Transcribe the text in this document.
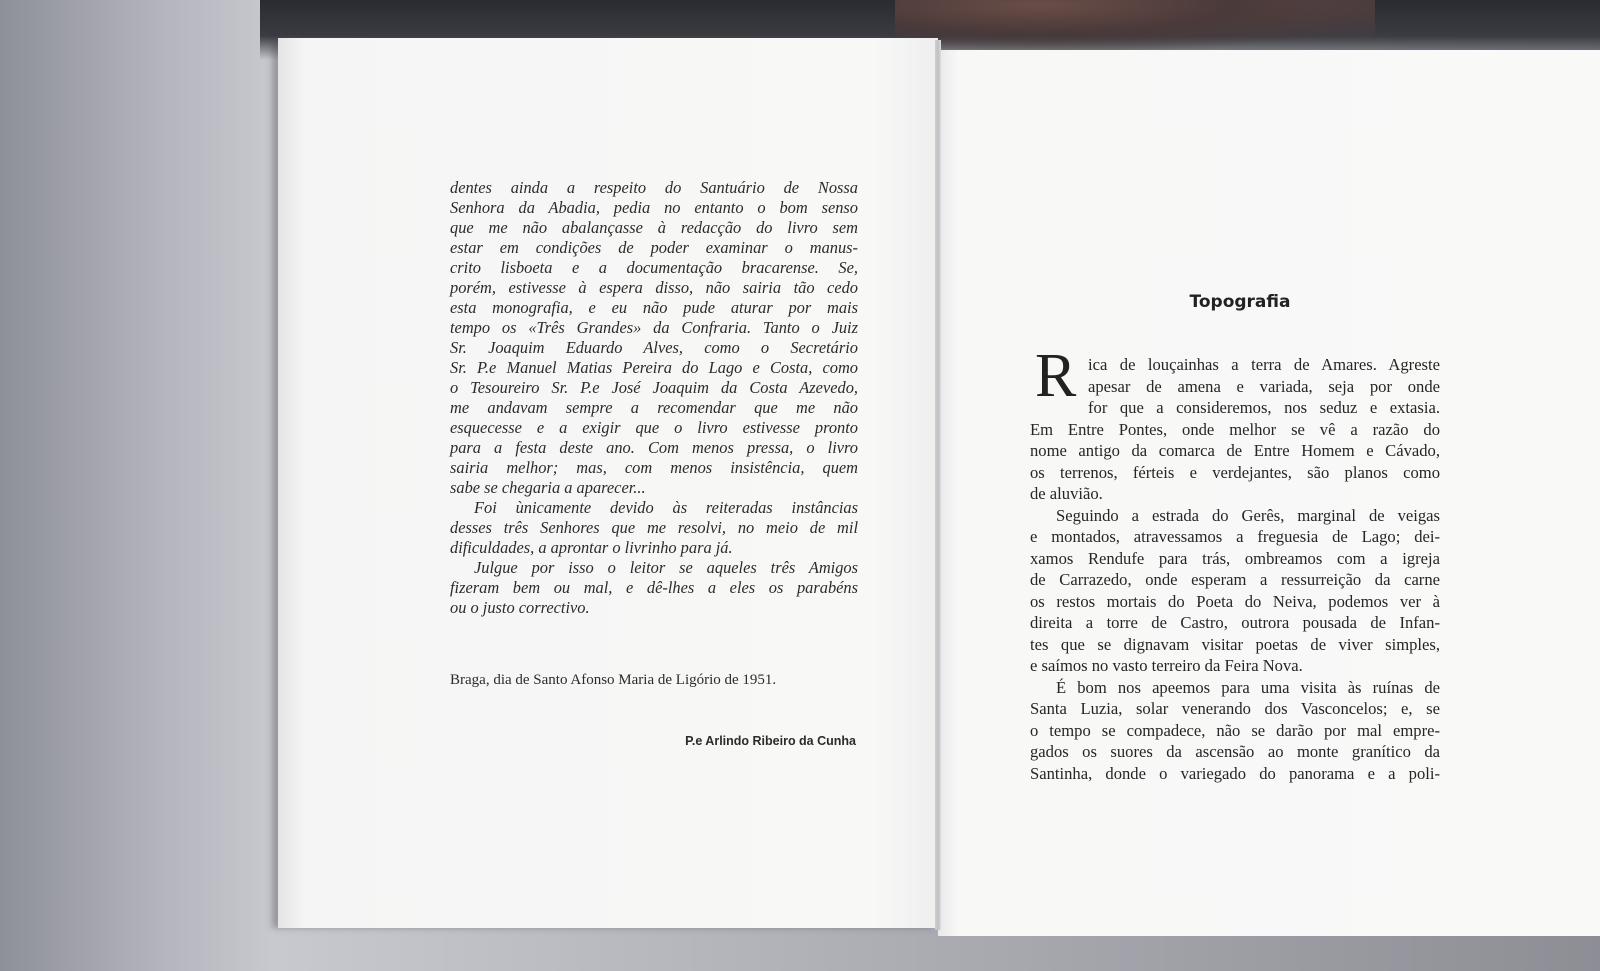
dentes ainda a respeito do Santuário de Nossa
Senhora da Abadia, pedia no entanto o bom senso
que me não abalançasse à redacção do livro sem
estar em condições de poder examinar o manus-
crito lisboeta e a documentação bracarense. Se,
porém, estivesse à espera disso, não sairia tão cedo
esta monografia, e eu não pude aturar por mais
tempo os «Três Grandes» da Confraria. Tanto o Juiz
Sr. Joaquim Eduardo Alves, como o Secretário
Sr. P.e Manuel Matias Pereira do Lago e Costa, como
o Tesoureiro Sr. P.e José Joaquim da Costa Azevedo,
me andavam sempre a recomendar que me não
esquecesse e a exigir que o livro estivesse pronto
para a festa deste ano. Com menos pressa, o livro
sairia melhor; mas, com menos insistência, quem
sabe se chegaria a aparecer...
Foi ùnicamente devido às reiteradas instâncias
desses três Senhores que me resolvi, no meio de mil
dificuldades, a aprontar o livrinho para já.
Julgue por isso o leitor se aqueles três Amigos
fizeram bem ou mal, e dê-lhes a eles os parabéns
ou o justo correctivo.
Braga, dia de Santo Afonso Maria de Ligório de 1951.
P.e Arlindo Ribeiro da Cunha
Topografia
R ica de louçainhas a terra de Amares. Agreste
apesar de amena e variada, seja por onde
for que a consideremos, nos seduz e extasia.
Em Entre Pontes, onde melhor se vê a razão do
nome antigo da comarca de Entre Homem e Cávado,
os terrenos, férteis e verdejantes, são planos como
de aluvião.
Seguindo a estrada do Gerês, marginal de veigas
e montados, atravessamos a freguesia de Lago; dei-
xamos Rendufe para trás, ombreamos com a igreja
de Carrazedo, onde esperam a ressurreição da carne
os restos mortais do Poeta do Neiva, podemos ver à
direita a torre de Castro, outrora pousada de Infan-
tes que se dignavam visitar poetas de viver simples,
e saímos no vasto terreiro da Feira Nova.
É bom nos apeemos para uma visita às ruínas de
Santa Luzia, solar venerando dos Vasconcelos; e, se
o tempo se compadece, não se darão por mal empre-
gados os suores da ascensão ao monte granítico da
Santinha, donde o variegado do panorama e a poli-
